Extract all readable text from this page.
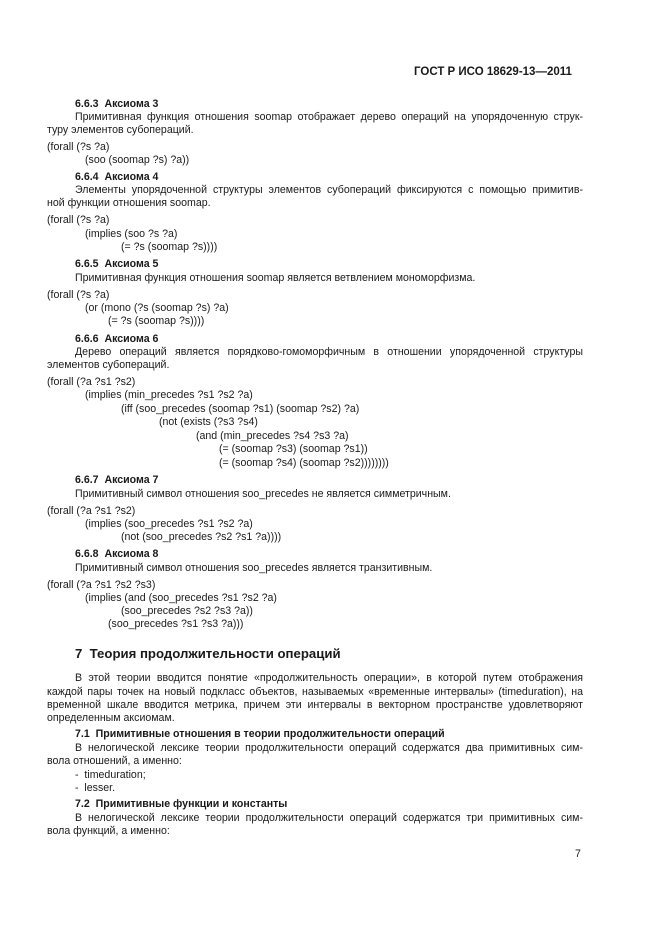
ГОСТ Р ИСО 18629-13—2011
6.6.3  Аксиома 3
Примитивная функция отношения soomap отображает дерево операций на упорядоченную струк-
туру элементов субопераций.
(forall (?s ?a)
(soo (soomap ?s) ?a))
6.6.4  Аксиома 4
Элементы упорядоченной структуры элементов субопераций фиксируются с помощью примитив-
ной функции отношения soomap.
(forall (?s ?a)
(implies (soo ?s ?a)
(= ?s (soomap ?s))))
6.6.5  Аксиома 5
Примитивная функция отношения soomap является ветвлением мономорфизма.
(forall (?s ?a)
(or (mono (?s (soomap ?s) ?a)
(= ?s (soomap ?s))))
6.6.6  Аксиома 6
Дерево операций является порядково-гомоморфичным в отношении упорядоченной структуры
элементов субопераций.
(forall (?a ?s1 ?s2)
(implies (min_precedes ?s1 ?s2 ?a)
(iff (soo_precedes (soomap ?s1) (soomap ?s2) ?a)
(not (exists (?s3 ?s4)
(and (min_precedes ?s4 ?s3 ?a)
(= (soomap ?s3) (soomap ?s1))
(= (soomap ?s4) (soomap ?s2))))))))
6.6.7  Аксиома 7
Примитивный символ отношения soo_precedes не является симметричным.
(forall (?a ?s1 ?s2)
(implies (soo_precedes ?s1 ?s2 ?a)
(not (soo_precedes ?s2 ?s1 ?a))))
6.6.8  Аксиома 8
Примитивный символ отношения soo_precedes является транзитивным.
(forall (?a ?s1 ?s2 ?s3)
(implies (and (soo_precedes ?s1 ?s2 ?a)
(soo_precedes ?s2 ?s3 ?a))
(soo_precedes ?s1 ?s3 ?a)))
7  Теория продолжительности операций
В этой теории вводится понятие «продолжительность операции», в которой путем отображения
каждой пары точек на новый подкласс объектов, называемых «временные интервалы» (timeduration), на
временной шкале вводится метрика, причем эти интервалы в векторном пространстве удовлетворяют
определенным аксиомам.
7.1  Примитивные отношения в теории продолжительности операций
В нелогической лексике теории продолжительности операций содержатся два примитивных сим-
вола отношений, а именно:
-  timeduration;
-  lesser.
7.2  Примитивные функции и константы
В нелогической лексике теории продолжительности операций содержатся три примитивных сим-
вола функций, а именно:
7
